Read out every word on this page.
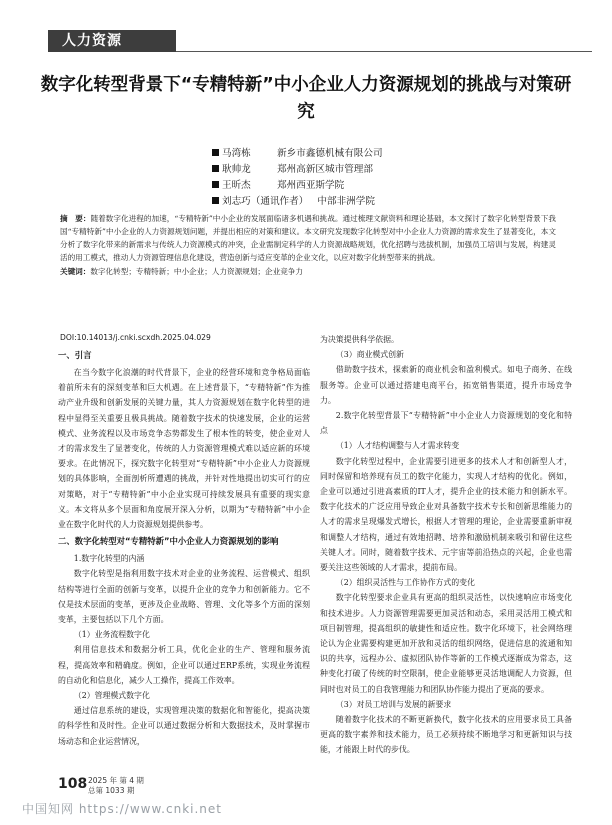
人力资源
数字化转型背景下“专精特新”中小企业人力资源规划的挑战与对策研究
马湾栋	新乡市鑫德机械有限公司
耿帅龙	郑州高新区城市管理部
王昕杰	郑州西亚斯学院
刘志巧（通讯作者） 中部非洲学院
摘　要：随着数字化进程的加速，“专精特新”中小企业的发展面临诸多机遇和挑战。通过梳理文献资料和理论基础，本文探讨了数字化转型背景下我国“专精特新”中小企业的人力资源规划问题，并提出相应的对策和建议。本文研究发现数字化转型对中小企业人力资源的需求发生了显著变化，本文分析了数字化带来的新需求与传统人力资源模式的冲突，企业需制定科学的人力资源战略规划，优化招聘与选拔机制，加强员工培训与发展，构建灵活的用工模式，推动人力资源管理信息化建设，营造创新与适应变革的企业文化，以应对数字化转型带来的挑战。
关键词：数字化转型；专精特新；中小企业；人力资源规划；企业竞争力
DOI:10.14013/j.cnki.scxdh.2025.04.029
一、引言

在当今数字化浪潮的时代背景下，企业的经营环境和竞争格局面临着前所未有的深刻变革和巨大机遇。在上述背景下，“专精特新”作为推动产业升级和创新发展的关键力量，其人力资源规划在数字化转型的进程中显得至关重要且极具挑战。随着数字技术的快速发展，企业的运营模式、业务流程以及市场竞争态势都发生了根本性的转变，使企业对人才的需求发生了显著变化，传统的人力资源管理模式难以适应新的环境要求。在此情况下，探究数字化转型对“专精特新”中小企业人力资源规划的具体影响，全面剖析所遭遇的挑战，并针对性地提出切实可行的应对策略，对于“专精特新”中小企业实现可持续发展具有重要的现实意义。本文将从多个层面和角度展开深入分析，以期为“专精特新”中小企业在数字化时代的人力资源规划提供参考。

二、数字化转型对“专精特新”中小企业人力资源规划的影响
1.数字化转型的内涵

数字化转型是指利用数字技术对企业的业务流程、运营模式、组织结构等进行全面的创新与变革，以提升企业的竞争力和创新能力。它不仅是技术层面的变革，更涉及企业战略、管理、文化等多个方面的深刻变革，主要包括以下几个方面。

（1）业务流程数字化

利用信息技术和数据分析工具，优化企业的生产、管理和服务流程，提高效率和精确度。例如，企业可以通过ERP系统，实现业务流程的自动化和信息化，减少人工操作，提高工作效率。

（2）管理模式数字化

通过信息系统的建设，实现管理决策的数据化和智能化，提高决策的科学性和及时性。企业可以通过数据分析和大数据技术，及时掌握市场动态和企业运营情况，

为决策提供科学依据。

（3）商业模式创新

借助数字技术，探索新的商业机会和盈利模式。如电子商务、在线服务等。企业可以通过搭建电商平台，拓宽销售渠道，提升市场竞争力。

2.数字化转型背景下“专精特新”中小企业人力资源规划的变化和特点
（1）人才结构调整与人才需求转变

数字化转型过程中，企业需要引进更多的技术人才和创新型人才，同时保留和培养现有员工的数字化能力，实现人才结构的优化。例如，企业可以通过引进高素质的IT人才，提升企业的技术能力和创新水平。数字化技术的广泛应用导致企业对具备数字技术专长和创新思维能力的人才的需求呈现爆发式增长，根据人才管理的理论，企业需要重新审视和调整人才结构，通过有效地招聘、培养和激励机制来吸引和留住这些关键人才。同时，随着数字技术、元宇宙等前沿热点的兴起，企业也需要关注这些领域的人才需求，提前布局。

（2）组织灵活性与工作协作方式的变化

数字化转型要求企业具有更高的组织灵活性，以快速响应市场变化和技术进步。人力资源管理需要更加灵活和动态，采用灵活用工模式和项目制管理，提高组织的敏捷性和适应性。数字化环境下，社会网络理论认为企业需要构建更加开放和灵活的组织网络，促进信息的流通和知识的共享，远程办公、虚拟团队协作等新的工作模式逐渐成为常态，这种变化打破了传统的时空限制，使企业能够更灵活地调配人力资源，但同时也对员工的自我管理能力和团队协作能力提出了更高的要求。

（3）对员工培训与发展的新要求

随着数字化技术的不断更新换代，数字化技术的应用要求员工具备更高的数字素养和技术能力，员工必须持续不断地学习和更新知识与技能，才能跟上时代的步伐。

108 2025 年 第 4 期
总第 1033 期
中国知网 https://www.cnki.net
